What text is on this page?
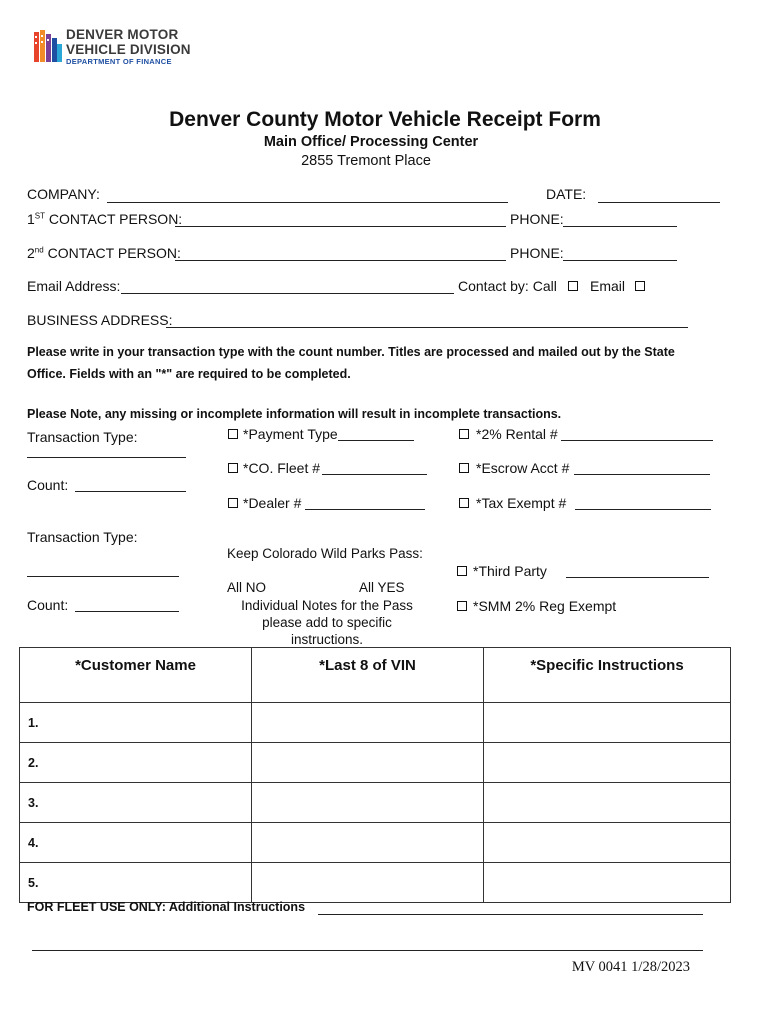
DENVER MOTOR
VEHICLE DIVISION
DEPARTMENT OF FINANCE
Denver County Motor Vehicle Receipt Form
Main Office/ Processing Center
2855 Tremont Place
COMPANY:	DATE:
1ST CONTACT PERSON:	PHONE:
2nd CONTACT PERSON:	PHONE:
Email Address:	Contact by: Call Email
BUSINESS ADDRESS:
Please write in your transaction type with the count number. Titles are processed and mailed out by the State
Office. Fields with an "*" are required to be completed.
Please Note, any missing or incomplete information will result in incomplete transactions.
Transaction Type:
Count:
*Payment Type
*CO. Fleet #
*Dealer #
*2% Rental #
*Escrow Acct #
*Tax Exempt #
Transaction Type:
Count:
Keep Colorado Wild Parks Pass:
All NO	All YES
Individual Notes for the Pass
please add to specific
instructions.
*Third Party
*SMM 2% Reg Exempt
*Customer Name	*Last 8 of VIN	*Specific Instructions
1.		
2.		
3.		
4.		
5.		
FOR FLEET USE ONLY: Additional Instructions
MV 0041 1/28/2023
